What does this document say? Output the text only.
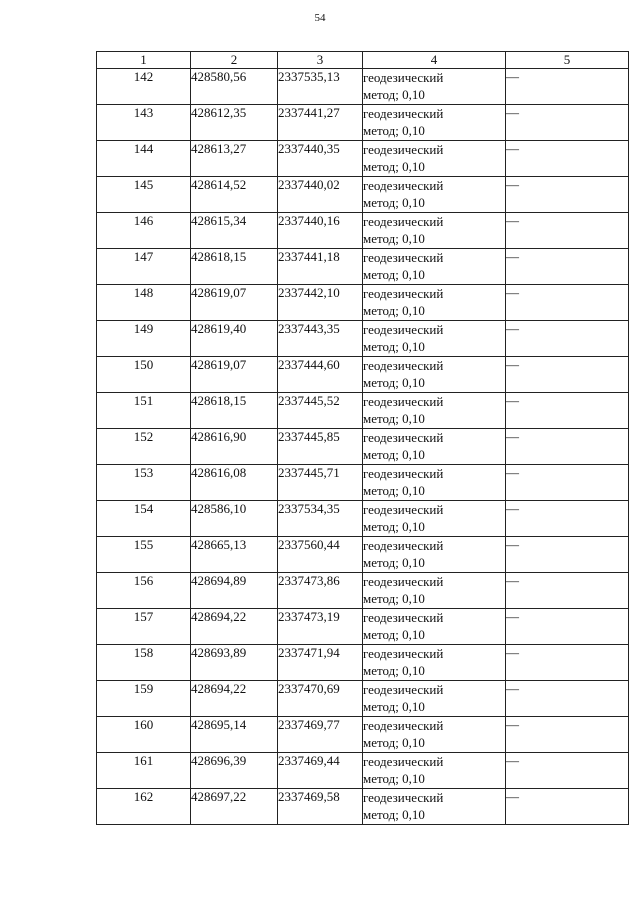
54
1	2	3	4	5
142	428580,56	2337535,13	геодезический
метод; 0,10	—
143	428612,35	2337441,27	геодезический
метод; 0,10	—
144	428613,27	2337440,35	геодезический
метод; 0,10	—
145	428614,52	2337440,02	геодезический
метод; 0,10	—
146	428615,34	2337440,16	геодезический
метод; 0,10	—
147	428618,15	2337441,18	геодезический
метод; 0,10	—
148	428619,07	2337442,10	геодезический
метод; 0,10	—
149	428619,40	2337443,35	геодезический
метод; 0,10	—
150	428619,07	2337444,60	геодезический
метод; 0,10	—
151	428618,15	2337445,52	геодезический
метод; 0,10	—
152	428616,90	2337445,85	геодезический
метод; 0,10	—
153	428616,08	2337445,71	геодезический
метод; 0,10	—
154	428586,10	2337534,35	геодезический
метод; 0,10	—
155	428665,13	2337560,44	геодезический
метод; 0,10	—
156	428694,89	2337473,86	геодезический
метод; 0,10	—
157	428694,22	2337473,19	геодезический
метод; 0,10	—
158	428693,89	2337471,94	геодезический
метод; 0,10	—
159	428694,22	2337470,69	геодезический
метод; 0,10	—
160	428695,14	2337469,77	геодезический
метод; 0,10	—
161	428696,39	2337469,44	геодезический
метод; 0,10	—
162	428697,22	2337469,58	геодезический
метод; 0,10	—
